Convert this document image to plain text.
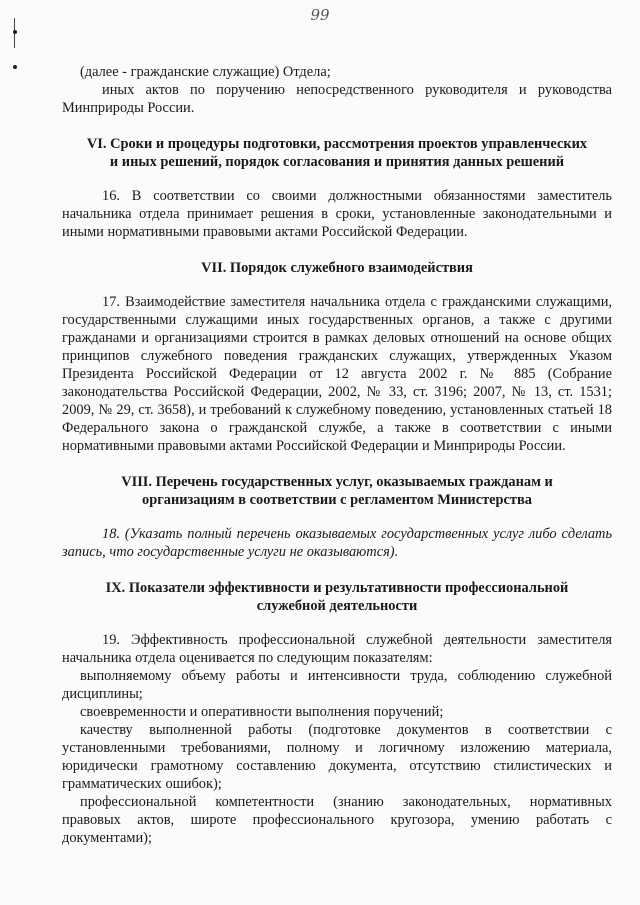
99

(далее - гражданские служащие) Отдела;

иных актов по поручению непосредственного руководителя и руководства Минприроды России.

VI. Сроки и процедуры подготовки, рассмотрения проектов управленческих и иных решений, порядок согласования и принятия данных решений

16. В соответствии со своими должностными обязанностями заместитель начальника отдела принимает решения в сроки, установленные законодательными и иными нормативными правовыми актами Российской Федерации.

VII. Порядок служебного взаимодействия

17. Взаимодействие заместителя начальника отдела с гражданскими служащими, государственными служащими иных государственных органов, а также с другими гражданами и организациями строится в рамках деловых отношений на основе общих принципов служебного поведения гражданских служащих, утвержденных Указом Президента Российской Федерации от 12 августа 2002 г. № 885 (Собрание законодательства Российской Федерации, 2002, № 33, ст. 3196; 2007, № 13, ст. 1531; 2009, № 29, ст. 3658), и требований к служебному поведению, установленных статьей 18 Федерального закона о гражданской службе, а также в соответствии с иными нормативными правовыми актами Российской Федерации и Минприроды России.

VIII. Перечень государственных услуг, оказываемых гражданам и организациям в соответствии с регламентом Министерства

18. (Указать полный перечень оказываемых государственных услуг либо сделать запись, что государственные услуги не оказываются).

IX. Показатели эффективности и результативности профессиональной служебной деятельности

19. Эффективность профессиональной служебной деятельности заместителя начальника отдела оценивается по следующим показателям:

выполняемому объему работы и интенсивности труда, соблюдению служебной дисциплины;

своевременности и оперативности выполнения поручений;

качеству выполненной работы (подготовке документов в соответствии с установленными требованиями, полному и логичному изложению материала, юридически грамотному составлению документа, отсутствию стилистических и грамматических ошибок);

профессиональной компетентности (знанию законодательных, нормативных правовых актов, широте профессионального кругозора, умению работать с документами);
